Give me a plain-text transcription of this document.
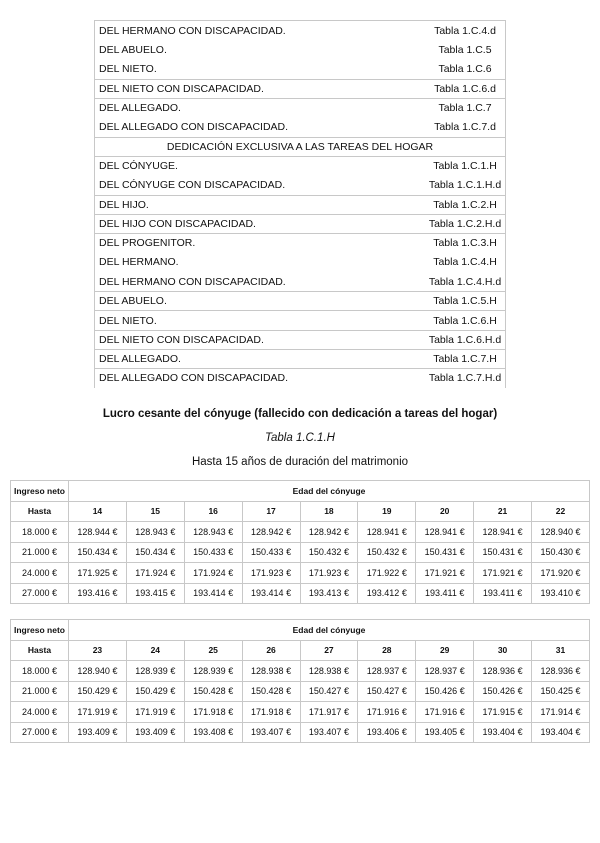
DEL HERMANO CON DISCAPACIDAD.	Tabla 1.C.4.d
DEL ABUELO.	Tabla 1.C.5
DEL NIETO.	Tabla 1.C.6
DEL NIETO CON DISCAPACIDAD.	Tabla 1.C.6.d
DEL ALLEGADO.	Tabla 1.C.7
DEL ALLEGADO CON DISCAPACIDAD.	Tabla 1.C.7.d
DEDICACIÓN EXCLUSIVA A LAS TAREAS DEL HOGAR
DEL CÓNYUGE.	Tabla 1.C.1.H
DEL CÓNYUGE CON DISCAPACIDAD.	Tabla 1.C.1.H.d
DEL HIJO.	Tabla 1.C.2.H
DEL HIJO CON DISCAPACIDAD.	Tabla 1.C.2.H.d
DEL PROGENITOR.	Tabla 1.C.3.H
DEL HERMANO.	Tabla 1.C.4.H
DEL HERMANO CON DISCAPACIDAD.	Tabla 1.C.4.H.d
DEL ABUELO.	Tabla 1.C.5.H
DEL NIETO.	Tabla 1.C.6.H
DEL NIETO CON DISCAPACIDAD.	Tabla 1.C.6.H.d
DEL ALLEGADO.	Tabla 1.C.7.H
DEL ALLEGADO CON DISCAPACIDAD.	Tabla 1.C.7.H.d
Lucro cesante del cónyuge (fallecido con dedicación a tareas del hogar)
Tabla 1.C.1.H
Hasta 15 años de duración del matrimonio
Ingreso neto	Edad del cónyuge								
Hasta	14	15	16	17	18	19	20	21	22
18.000 €	128.944 €	128.943 €	128.943 €	128.942 €	128.942 €	128.941 €	128.941 €	128.941 €	128.940 €
21.000 €	150.434 €	150.434 €	150.433 €	150.433 €	150.432 €	150.432 €	150.431 €	150.431 €	150.430 €
24.000 €	171.925 €	171.924 €	171.924 €	171.923 €	171.923 €	171.922 €	171.921 €	171.921 €	171.920 €
27.000 €	193.416 €	193.415 €	193.414 €	193.414 €	193.413 €	193.412 €	193.411 €	193.411 €	193.410 €
Ingreso neto	Edad del cónyuge								
Hasta	23	24	25	26	27	28	29	30	31
18.000 €	128.940 €	128.939 €	128.939 €	128.938 €	128.938 €	128.937 €	128.937 €	128.936 €	128.936 €
21.000 €	150.429 €	150.429 €	150.428 €	150.428 €	150.427 €	150.427 €	150.426 €	150.426 €	150.425 €
24.000 €	171.919 €	171.919 €	171.918 €	171.918 €	171.917 €	171.916 €	171.916 €	171.915 €	171.914 €
27.000 €	193.409 €	193.409 €	193.408 €	193.407 €	193.407 €	193.406 €	193.405 €	193.404 €	193.404 €
